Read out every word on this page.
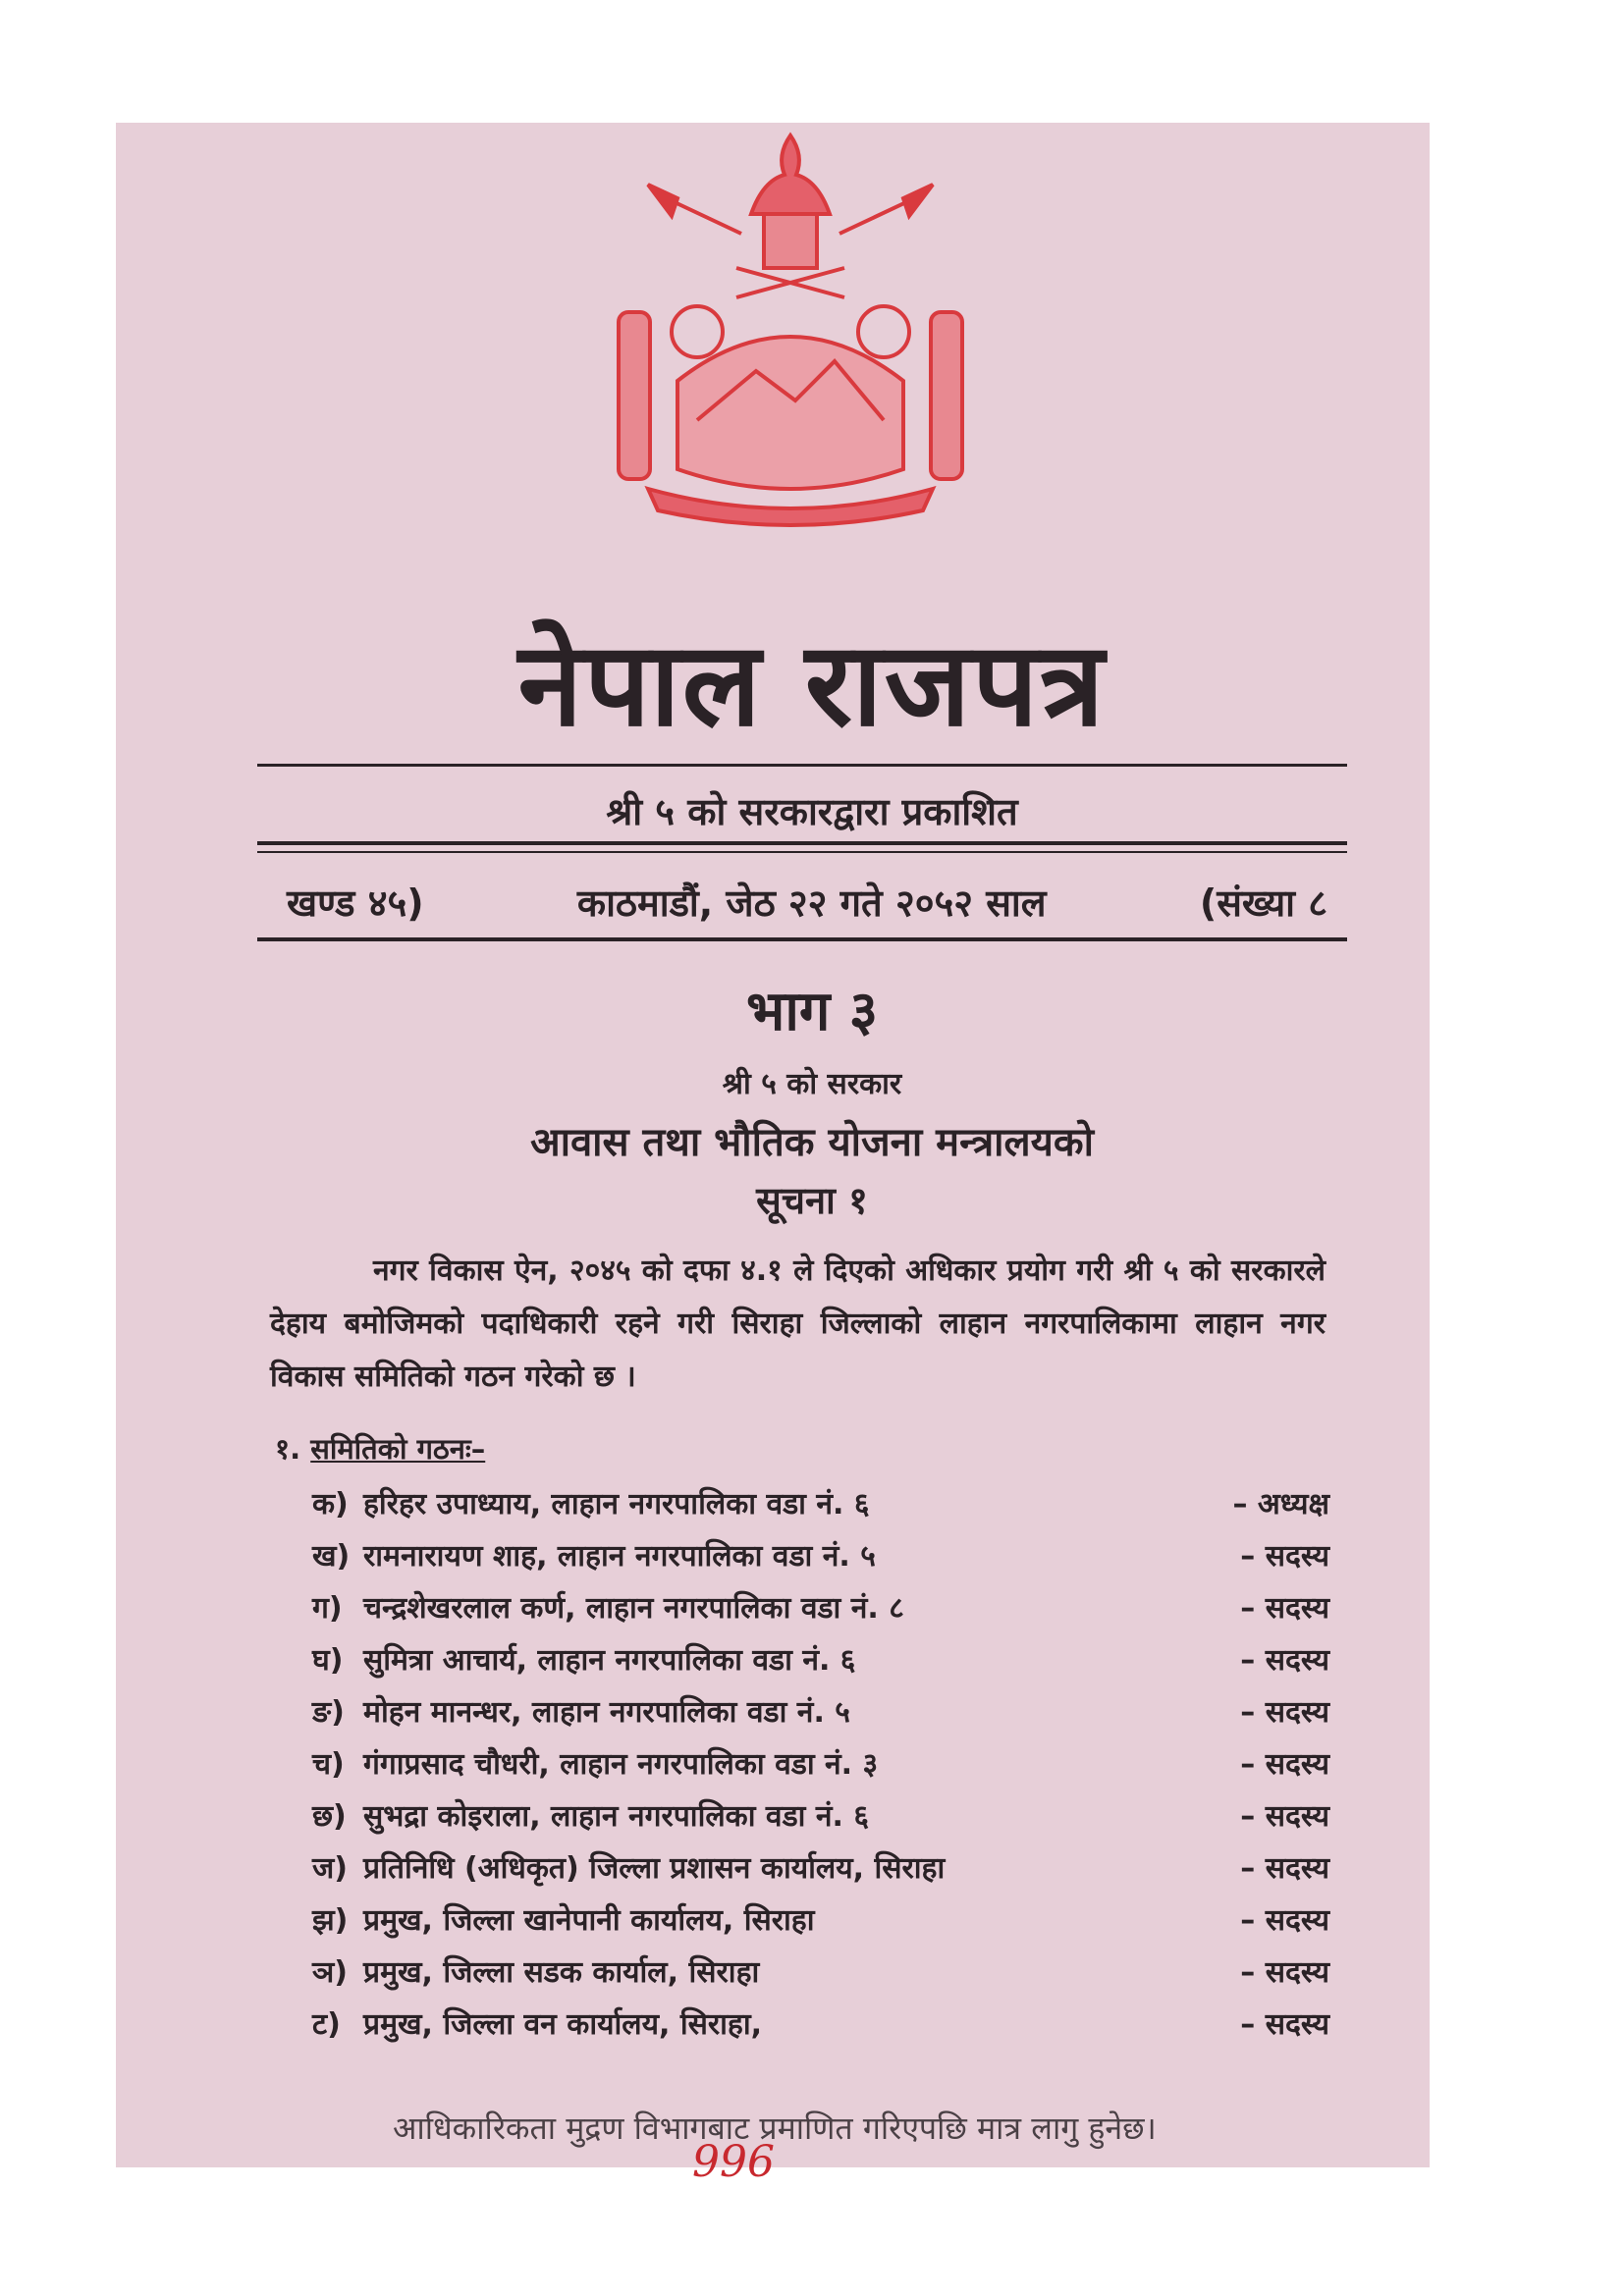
नेपाल राजपत्र
श्री ५ को सरकारद्वारा प्रकाशित
खण्ड ४५)	काठमाडौं, जेठ २२ गते २०५२ साल	(संख्या ८
भाग ३
श्री ५ को सरकार
आवास तथा भौतिक योजना मन्त्रालयको
सूचना १
नगर विकास ऐन, २०४५ को दफा ४.१ ले दिएको अधिकार प्रयोग गरी श्री ५ को सरकारले देहाय बमोजिमको पदाधिकारी रहने गरी सिराहा जिल्लाको लाहान नगरपालिकामा लाहान नगर विकास समितिको गठन गरेको छ ।
१. समितिको गठनः–
क) हरिहर उपाध्याय, लाहान नगरपालिका वडा नं. ६	– अध्यक्ष
ख) रामनारायण शाह, लाहान नगरपालिका वडा नं. ५	– सदस्य
ग) चन्द्रशेखरलाल कर्ण, लाहान नगरपालिका वडा नं. ८	– सदस्य
घ) सुमित्रा आचार्य, लाहान नगरपालिका वडा नं. ६	– सदस्य
ङ) मोहन मानन्धर, लाहान नगरपालिका वडा नं. ५	– सदस्य
च) गंगाप्रसाद चौधरी, लाहान नगरपालिका वडा नं. ३	– सदस्य
छ) सुभद्रा कोइराला, लाहान नगरपालिका वडा नं. ६	– सदस्य
ज) प्रतिनिधि (अधिकृत) जिल्ला प्रशासन कार्यालय, सिराहा	– सदस्य
झ) प्रमुख, जिल्ला खानेपानी कार्यालय, सिराहा	– सदस्य
ञ) प्रमुख, जिल्ला सडक कार्याल, सिराहा	– सदस्य
ट) प्रमुख, जिल्ला वन कार्यालय, सिराहा,	– सदस्य
आधिकारिकता मुद्रण विभागबाट प्रमाणित गरिएपछि मात्र लागु हुनेछ।
996
